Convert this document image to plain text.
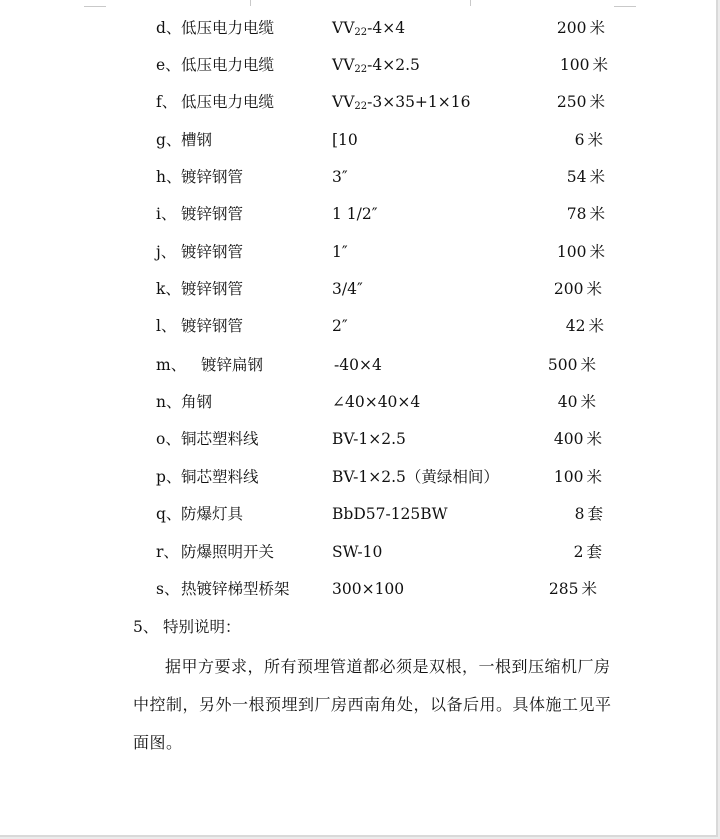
d、 低压电力电缆	$VV_{22}-4\times 4$	200 米
e、 低压电力电缆	$VV_{22}-4\times 2.5$	100 米
f、 低压电力电缆	$VV_{22}-3\times 35+1\times 16$	250 米
g、 槽钢	[10	6 米
h、 镀锌钢管	3″	54 米
i、 镀锌钢管	1 1/2″	78 米
j、 镀锌钢管	1″	100 米
k、 镀锌钢管	3/4″	200 米
l、 镀锌钢管	2″	42 米
m、 镀锌扁钢	-40×4	500 米
n、 角钢	∠40×40×4	40 米
o、 铜芯塑料线	BV-1×2.5	400 米
p、 铜芯塑料线	BV-1×2.5（黄绿相间）	100 米
q、 防爆灯具	BbD57-125BW	8 套
r、 防爆照明开关	SW-10	2 套
s、 热镀锌梯型桥架	300×100	285 米
5、 特别说明：
据甲方要求，所有预埋管道都必须是双根，一根到压缩机厂房中控制，另外一根预埋到厂房西南角处，以备后用。具体施工见平面图。
